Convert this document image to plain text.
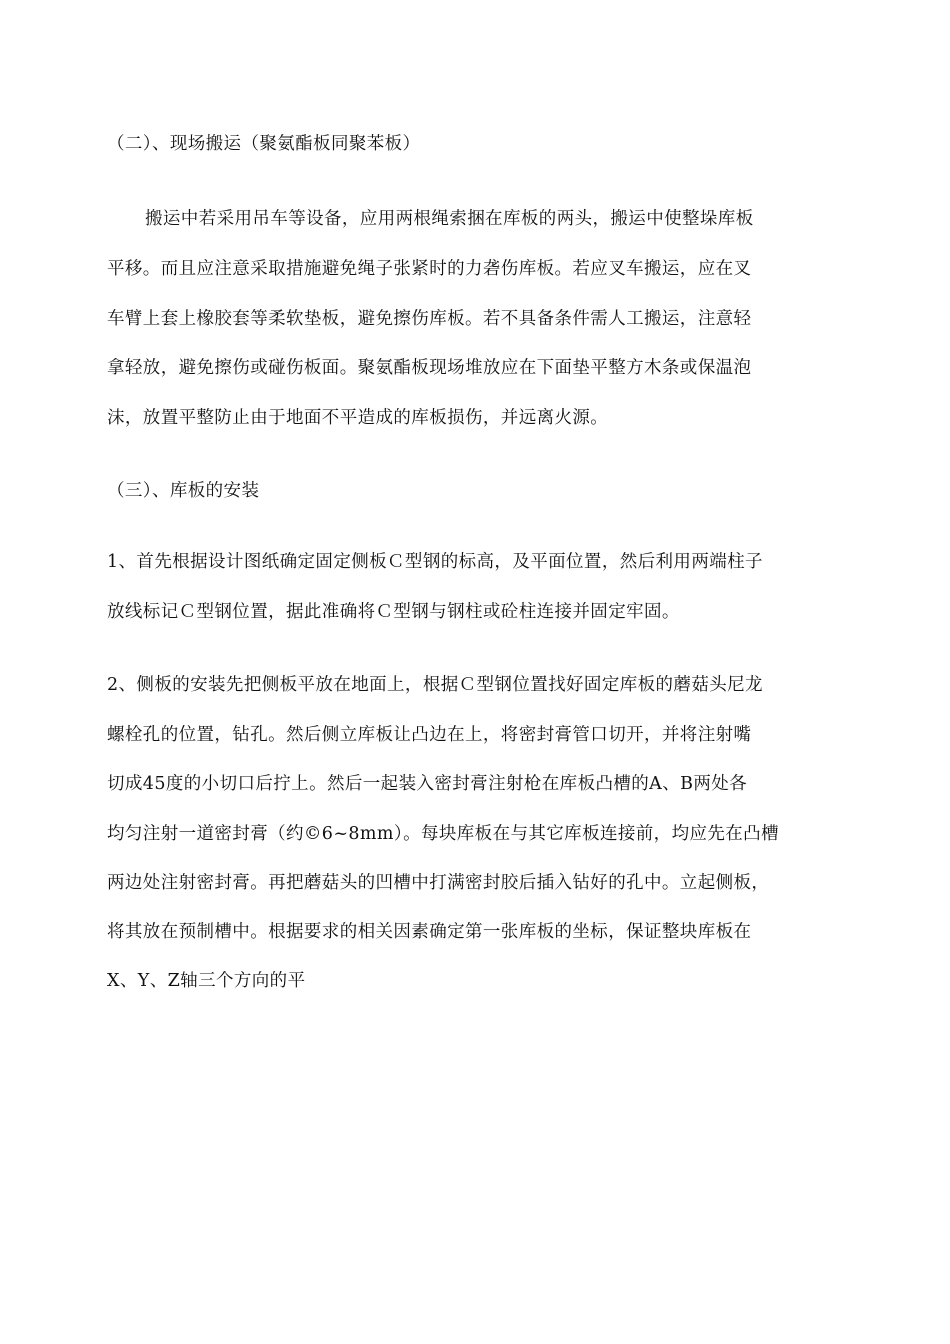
（二）、现场搬运（聚氨酯板同聚苯板）
搬运中若采用吊车等设备，应用两根绳索捆在库板的两头，搬运中使整垛库板
平移。而且应注意采取措施避免绳子张紧时的力砻伤库板。若应叉车搬运，应在叉
车臂上套上橡胶套等柔软垫板，避免擦伤库板。若不具备条件需人工搬运，注意轻
拿轻放，避免擦伤或碰伤板面。聚氨酯板现场堆放应在下面垫平整方木条或保温泡
沫，放置平整防止由于地面不平造成的库板损伤，并远离火源。
（三）、库板的安装
1、首先根据设计图纸确定固定侧板Ｃ型钢的标高，及平面位置，然后利用两端柱子
放线标记Ｃ型钢位置，据此准确将Ｃ型钢与钢柱或砼柱连接并固定牢固。
2、侧板的安装先把侧板平放在地面上，根据Ｃ型钢位置找好固定库板的蘑菇头尼龙
螺栓孔的位置，钻孔。然后侧立库板让凸边在上，将密封膏管口切开，并将注射嘴
切成45度的小切口后拧上。然后一起装入密封膏注射枪在库板凸槽的A、B两处各
均匀注射一道密封膏（约©6~8mm）。每块库板在与其它库板连接前，均应先在凸槽
两边处注射密封膏。再把蘑菇头的凹槽中打满密封胶后插入钻好的孔中。立起侧板，
将其放在预制槽中。根据要求的相关因素确定第一张库板的坐标，保证整块库板在
X、Y、Z轴三个方向的平
